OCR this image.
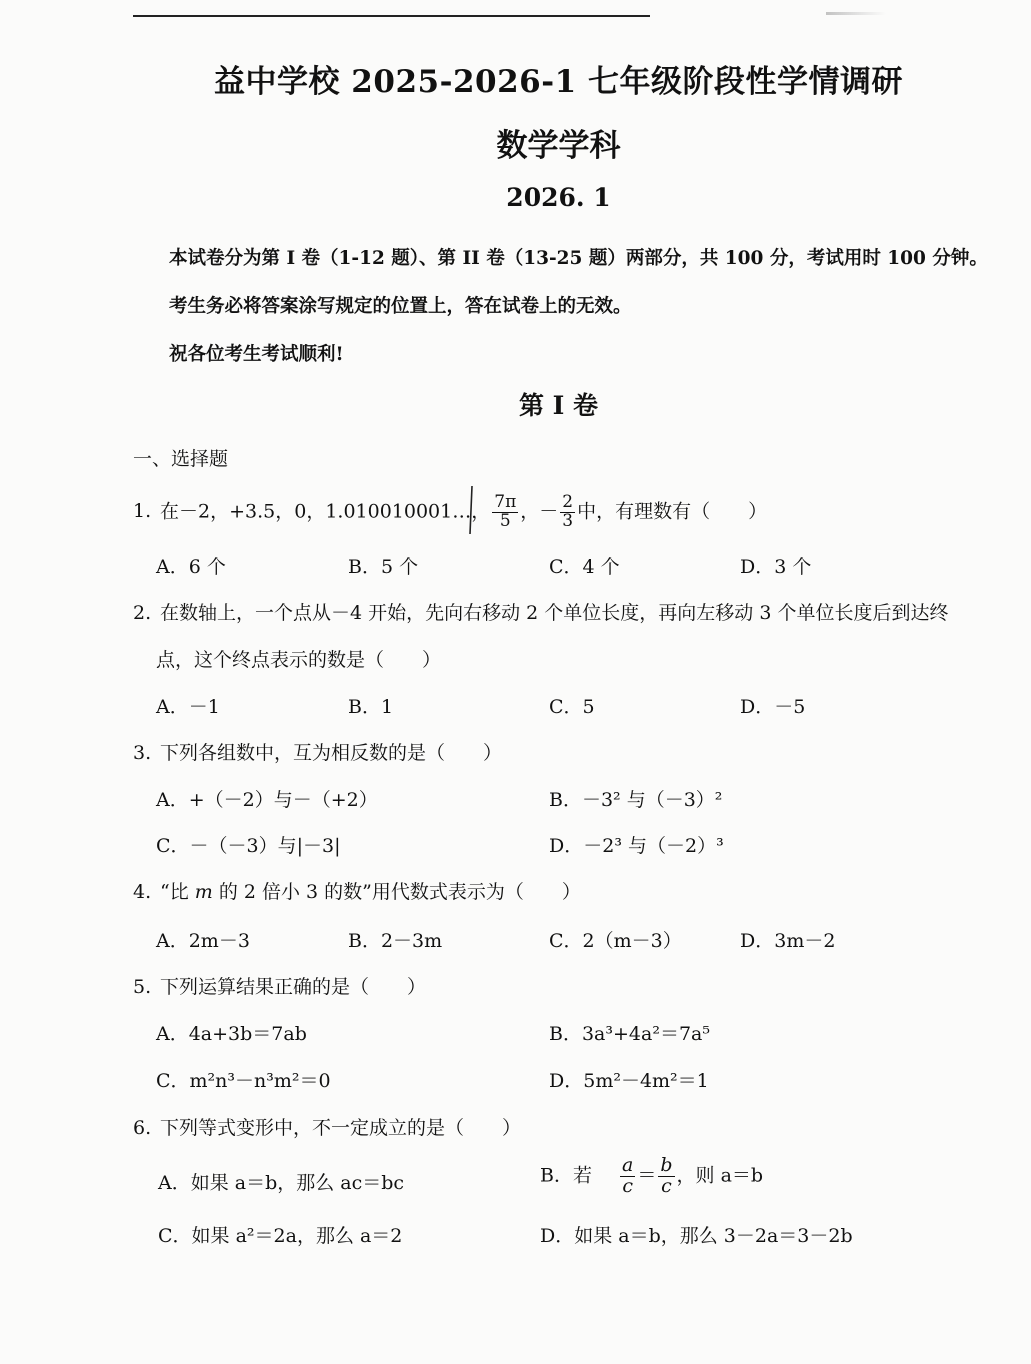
益中学校 2025-2026-1 七年级阶段性学情调研
数学学科
2026. 1
本试卷分为第 I 卷（1-12 题）、第 II 卷（13-25 题）两部分，共 100 分，考试用时 100 分钟。
考生务必将答案涂写规定的位置上，答在试卷上的无效。
祝各位考生考试顺利!
第 I 卷
一、选择题
1. 在－2，+3.5，0，1.010010001…， $\frac{7\pi}{5}$ ，－ $\frac{2}{3}$ 中，有理数有（　　）
A．6 个	B．5 个	C．4 个	D．3 个
2. 在数轴上，一个点从－4 开始，先向右移动 2 个单位长度，再向左移动 3 个单位长度后到达终
点，这个终点表示的数是（　　）
A．－1	B．1	C．5	D．－5
3. 下列各组数中，互为相反数的是（　　）
A．+（－2）与－（+2）	B．－3² 与（－3）²
C．－（－3）与|－3|	D．－2³ 与（－2）³
4. “比 m 的 2 倍小 3 的数”用代数式表示为（　　）
A．2m－3	B．2－3m	C．2（m－3）	D．3m－2
5. 下列运算结果正确的是（　　）
A．4a+3b＝7ab	B．3a³+4a²＝7a⁵
C．m²n³－n³m²＝0	D．5m²－4m²＝1
6. 下列等式变形中，不一定成立的是（　　）
A．如果 a＝b，那么 ac＝bc	B．若 $\frac{a}{c} = \frac{b}{c}$ ，则 a＝b
C．如果 a²＝2a，那么 a＝2	D．如果 a＝b，那么 3－2a＝3－2b
